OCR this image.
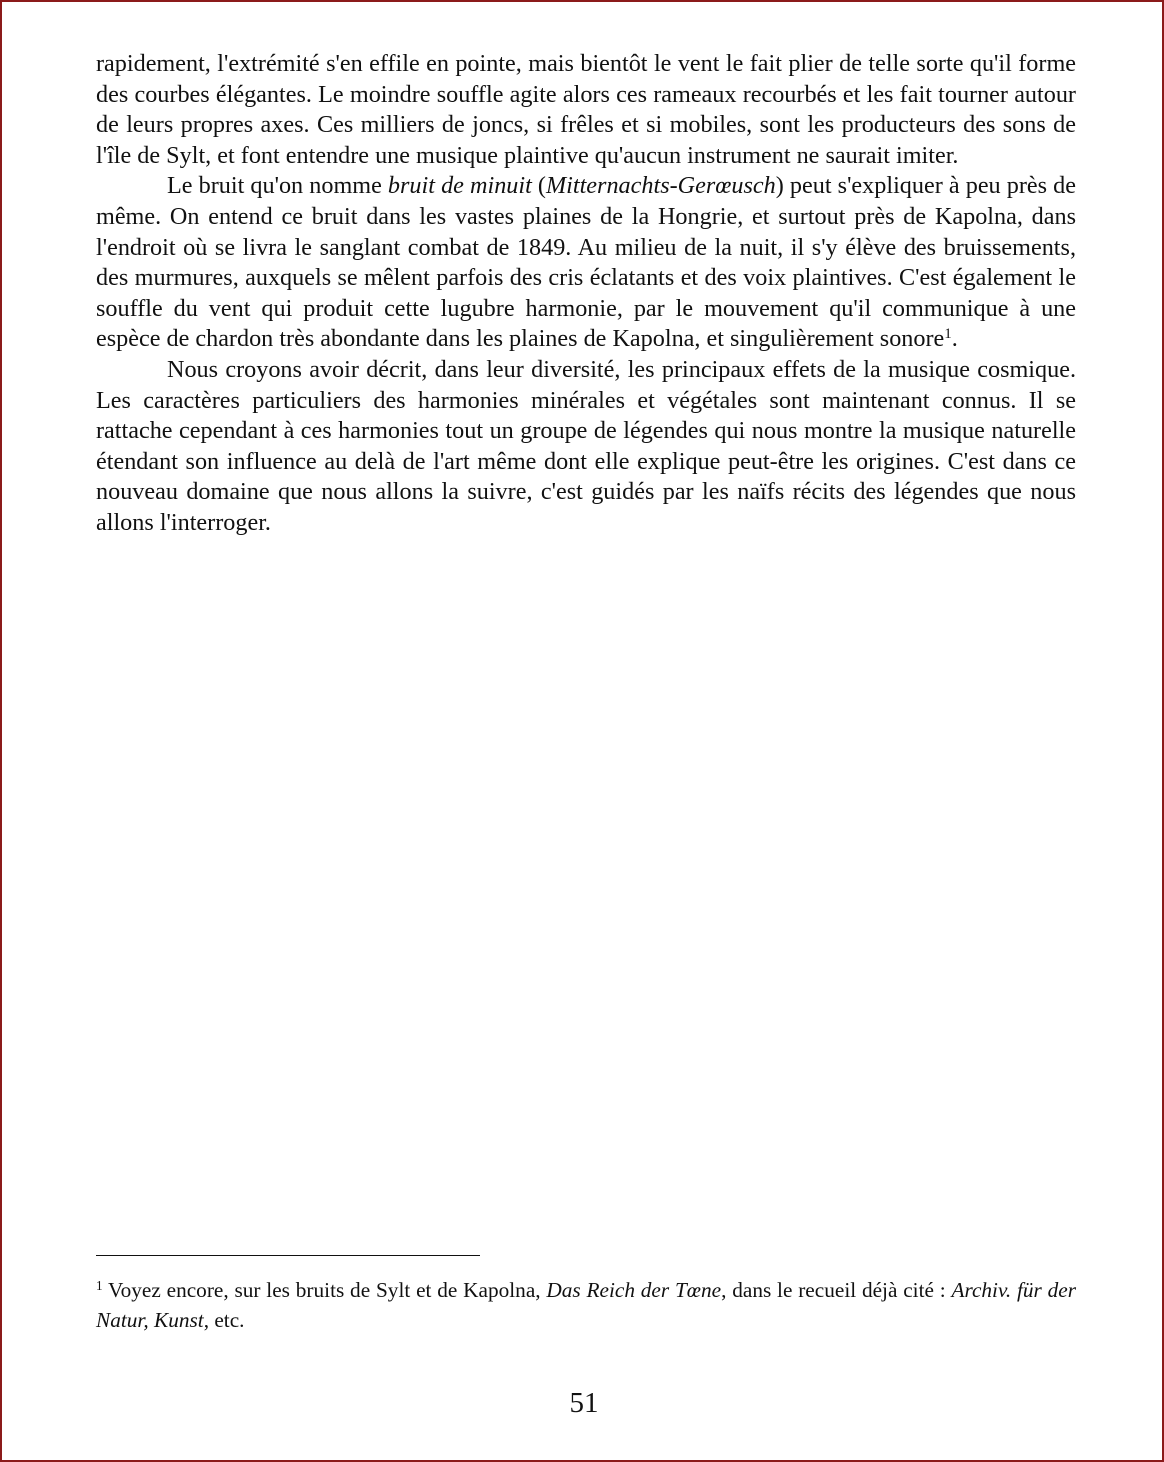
rapidement, l'extrémité s'en effile en pointe, mais bientôt le vent le fait plier de telle sorte qu'il forme des courbes élégantes. Le moindre souffle agite alors ces rameaux recourbés et les fait tourner autour de leurs propres axes. Ces milliers de joncs, si frêles et si mobiles, sont les producteurs des sons de l'île de Sylt, et font entendre une musique plaintive qu'aucun instrument ne saurait imiter.

Le bruit qu'on nomme bruit de minuit (Mitternachts-Gerœusch) peut s'expliquer à peu près de même. On entend ce bruit dans les vastes plaines de la Hongrie, et surtout près de Kapolna, dans l'endroit où se livra le sanglant combat de 1849. Au milieu de la nuit, il s'y élève des bruissements, des murmures, auxquels se mêlent parfois des cris éclatants et des voix plaintives. C'est également le souffle du vent qui produit cette lugubre harmonie, par le mouvement qu'il communique à une espèce de chardon très abondante dans les plaines de Kapolna, et singulièrement sonore$^1$.

Nous croyons avoir décrit, dans leur diversité, les principaux effets de la musique cosmique. Les caractères particuliers des harmonies minérales et végétales sont maintenant connus. Il se rattache cependant à ces harmonies tout un groupe de légendes qui nous montre la musique naturelle étendant son influence au delà de l'art même dont elle explique peut-être les origines. C'est dans ce nouveau domaine que nous allons la suivre, c'est guidés par les naïfs récits des légendes que nous allons l'interroger.

$^1$ Voyez encore, sur les bruits de Sylt et de Kapolna, Das Reich der Tœne, dans le recueil déjà cité : Archiv. für der Natur, Kunst, etc.

51
